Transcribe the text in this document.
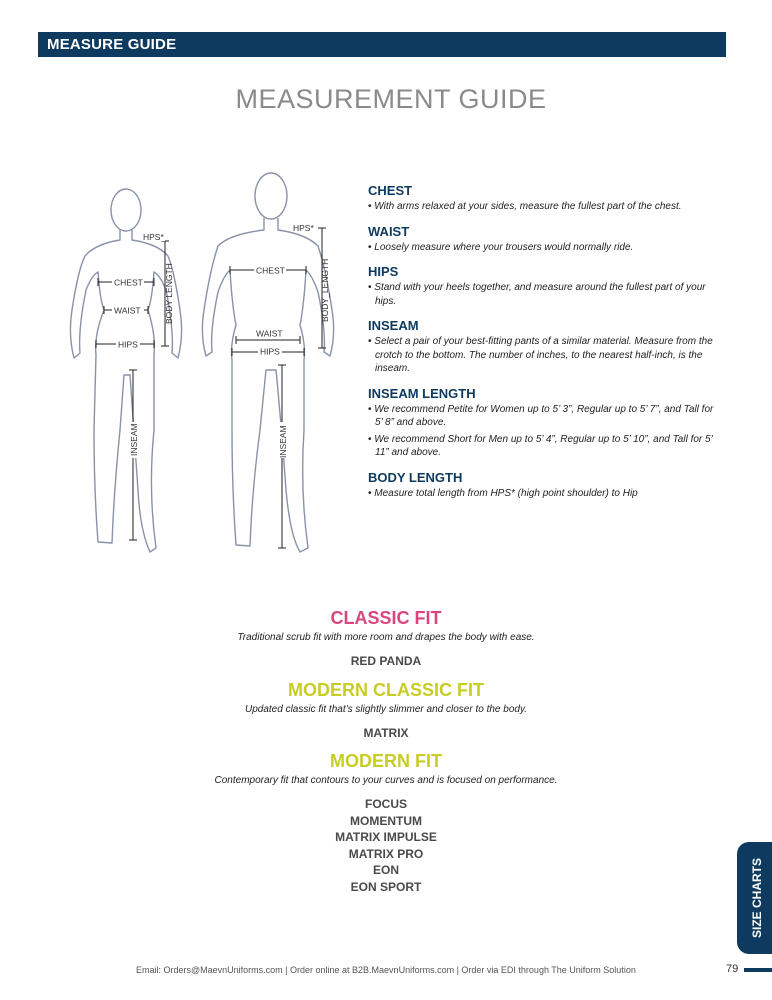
MEASURE GUIDE
MEASUREMENT GUIDE
HPS*
CHEST
WAIST
HIPS
BODY LENGTH
INSEAM
HPS*
CHEST
WAIST
HIPS
BODY_LENGTH
INSEAM
CHEST
• With arms relaxed at your sides, measure the fullest part of the chest.
WAIST
• Loosely measure where your trousers would normally ride.
HIPS
• Stand with your heels together, and measure around the fullest part of your hips.
INSEAM
• Select a pair of your best-fitting pants of a similar material. Measure from the crotch to the bottom. The number of inches, to the nearest half-inch, is the inseam.
INSEAM LENGTH
• We recommend Petite for Women up to 5’ 3”, Regular up to 5’ 7”, and Tall for 5’ 8” and above.
• We recommend Short for Men up to 5’ 4”, Regular up to 5’ 10”, and Tall for 5’ 11” and above.
BODY LENGTH
• Measure total length from HPS* (high point shoulder) to Hip
CLASSIC FIT
Traditional scrub fit with more room and drapes the body with ease.
RED PANDA
MODERN CLASSIC FIT
Updated classic fit that’s slightly slimmer and closer to the body.
MATRIX
MODERN FIT
Contemporary fit that contours to your curves and is focused on performance.
FOCUS
MOMENTUM
MATRIX IMPULSE
MATRIX PRO
EON
EON SPORT	SIZE CHARTS
Email: Orders@MaevnUniforms.com | Order online at B2B.MaevnUniforms.com | Order via EDI through The Uniform Solution	79
